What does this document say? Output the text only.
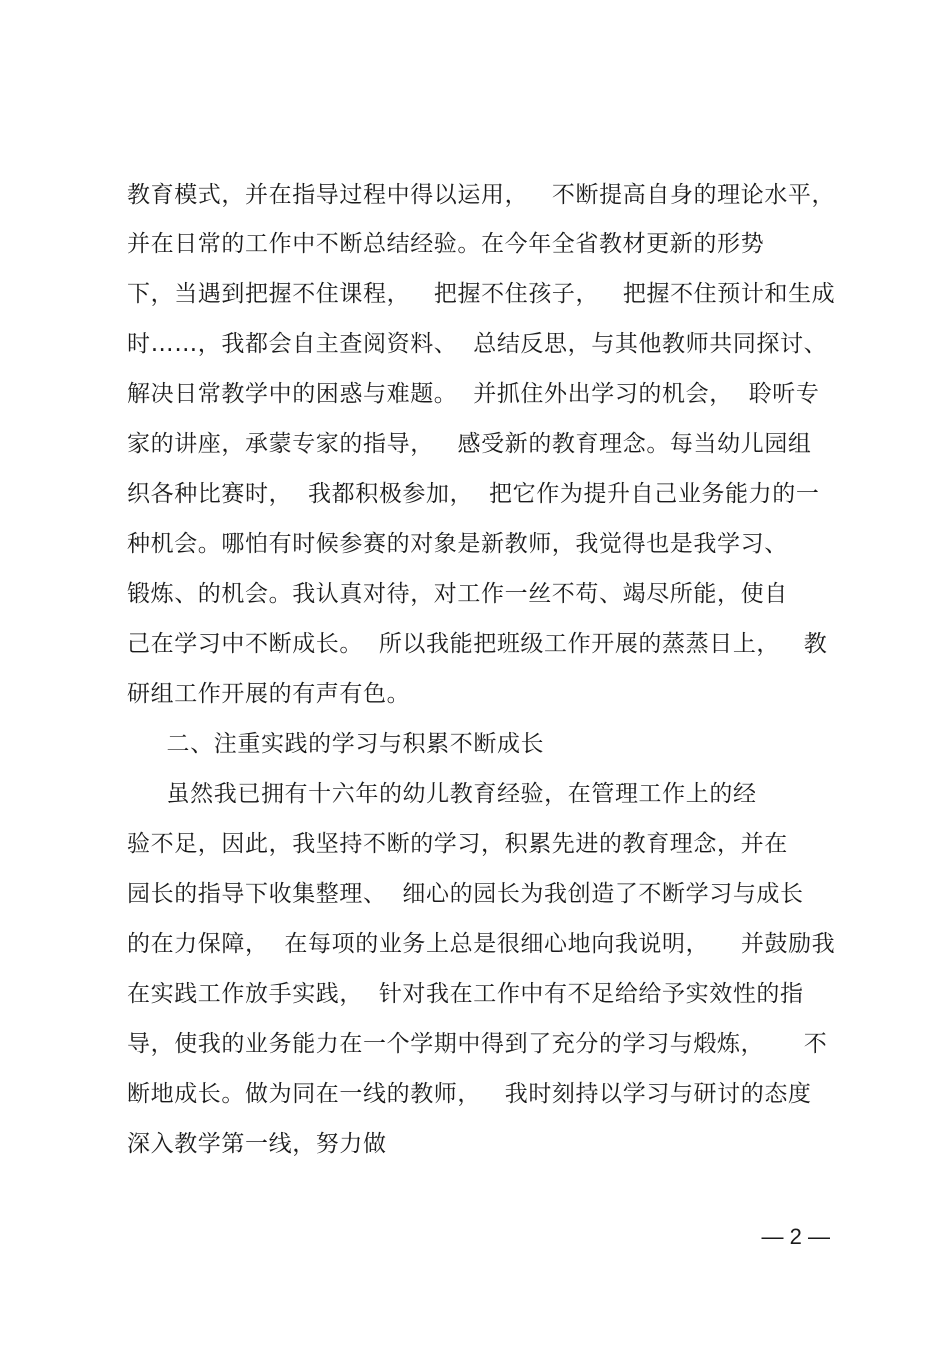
教育模式，并在指导过程中得以运用，   不断提高自身的理论水平，
并在日常的工作中不断总结经验。在今年全省教材更新的形势
下，当遇到把握不住课程，   把握不住孩子，   把握不住预计和生成
时……，我都会自主查阅资料、  总结反思，与其他教师共同探讨、
解决日常教学中的困惑与难题。  并抓住外出学习的机会，  聆听专
家的讲座，承蒙专家的指导，   感受新的教育理念。每当幼儿园组
织各种比赛时，  我都积极参加，  把它作为提升自己业务能力的一
种机会。哪怕有时候参赛的对象是新教师，我觉得也是我学习、
锻炼、的机会。我认真对待，对工作一丝不苟、竭尽所能，使自
己在学习中不断成长。  所以我能把班级工作开展的蒸蒸日上，   教
研组工作开展的有声有色。
二、注重实践的学习与积累不断成长
虽然我已拥有十六年的幼儿教育经验，在管理工作上的经
验不足，因此，我坚持不断的学习，积累先进的教育理念，并在
园长的指导下收集整理、  细心的园长为我创造了不断学习与成长
的在力保障，  在每项的业务上总是很细心地向我说明，    并鼓励我
在实践工作放手实践，  针对我在工作中有不足给给予实效性的指
导，使我的业务能力在一个学期中得到了充分的学习与煅炼，     不
断地成长。做为同在一线的教师，   我时刻持以学习与研讨的态度
深入教学第一线，努力做
— 2 —
